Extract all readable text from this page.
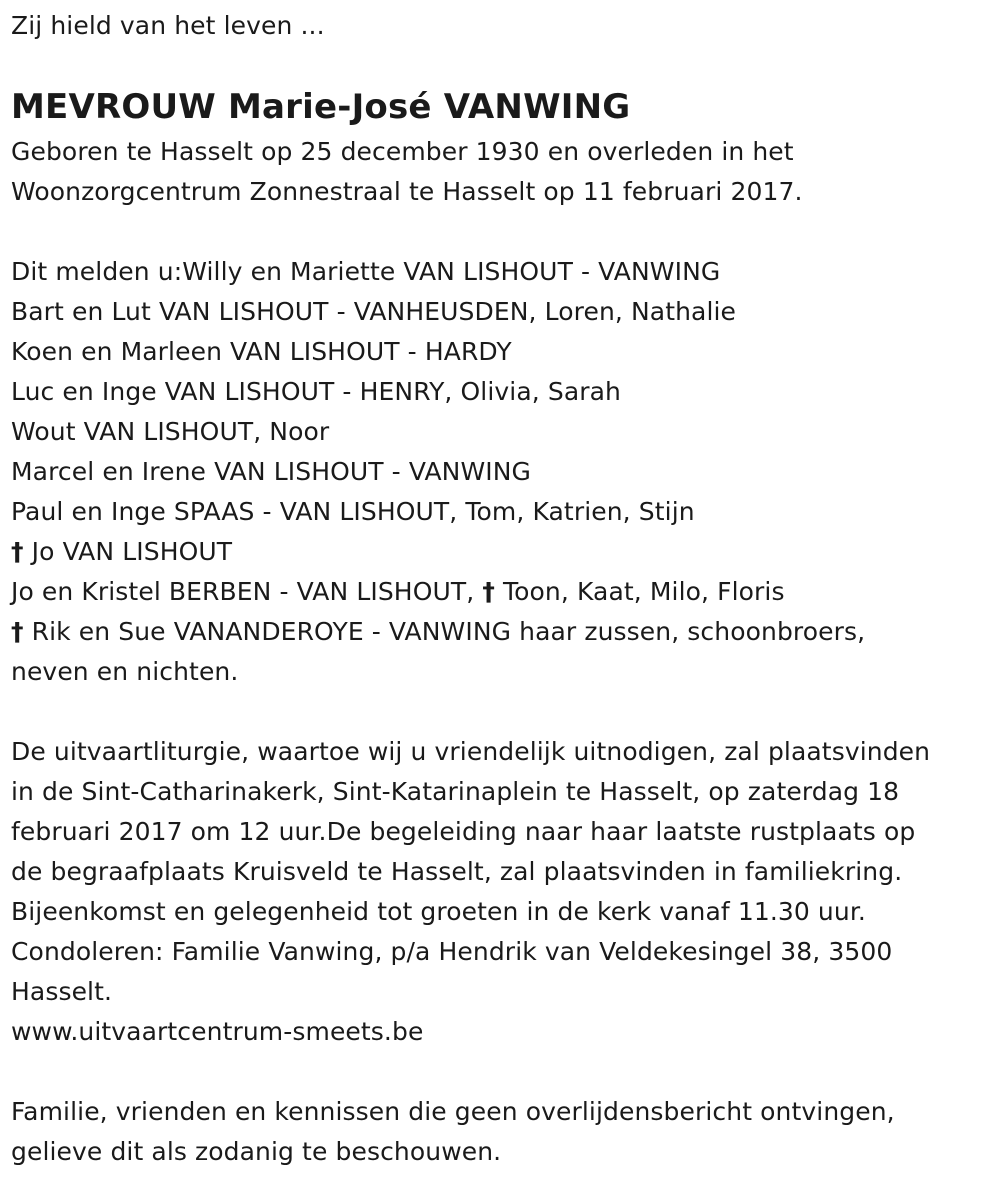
Zij hield van het leven ...
MEVROUW Marie-José VANWING
Geboren te Hasselt op 25 december 1930 en overleden in het
Woonzorgcentrum Zonnestraal te Hasselt op 11 februari 2017.
Dit melden u:Willy en Mariette VAN LISHOUT - VANWING
Bart en Lut VAN LISHOUT - VANHEUSDEN, Loren, Nathalie
Koen en Marleen VAN LISHOUT - HARDY
Luc en Inge VAN LISHOUT - HENRY, Olivia, Sarah
Wout VAN LISHOUT, Noor
Marcel en Irene VAN LISHOUT - VANWING
Paul en Inge SPAAS - VAN LISHOUT, Tom, Katrien, Stijn
† Jo VAN LISHOUT
Jo en Kristel BERBEN - VAN LISHOUT, † Toon, Kaat, Milo, Floris
† Rik en Sue VANANDEROYE - VANWING haar zussen, schoonbroers,
neven en nichten.
De uitvaartliturgie, waartoe wij u vriendelijk uitnodigen, zal plaatsvinden
in de Sint-Catharinakerk, Sint-Katarinaplein te Hasselt, op zaterdag 18
februari 2017 om 12 uur.De begeleiding naar haar laatste rustplaats op
de begraafplaats Kruisveld te Hasselt, zal plaatsvinden in familiekring.
Bijeenkomst en gelegenheid tot groeten in de kerk vanaf 11.30 uur.
Condoleren: Familie Vanwing, p/a Hendrik van Veldekesingel 38, 3500
Hasselt.
www.uitvaartcentrum-smeets.be
Familie, vrienden en kennissen die geen overlijdensbericht ontvingen,
gelieve dit als zodanig te beschouwen.
